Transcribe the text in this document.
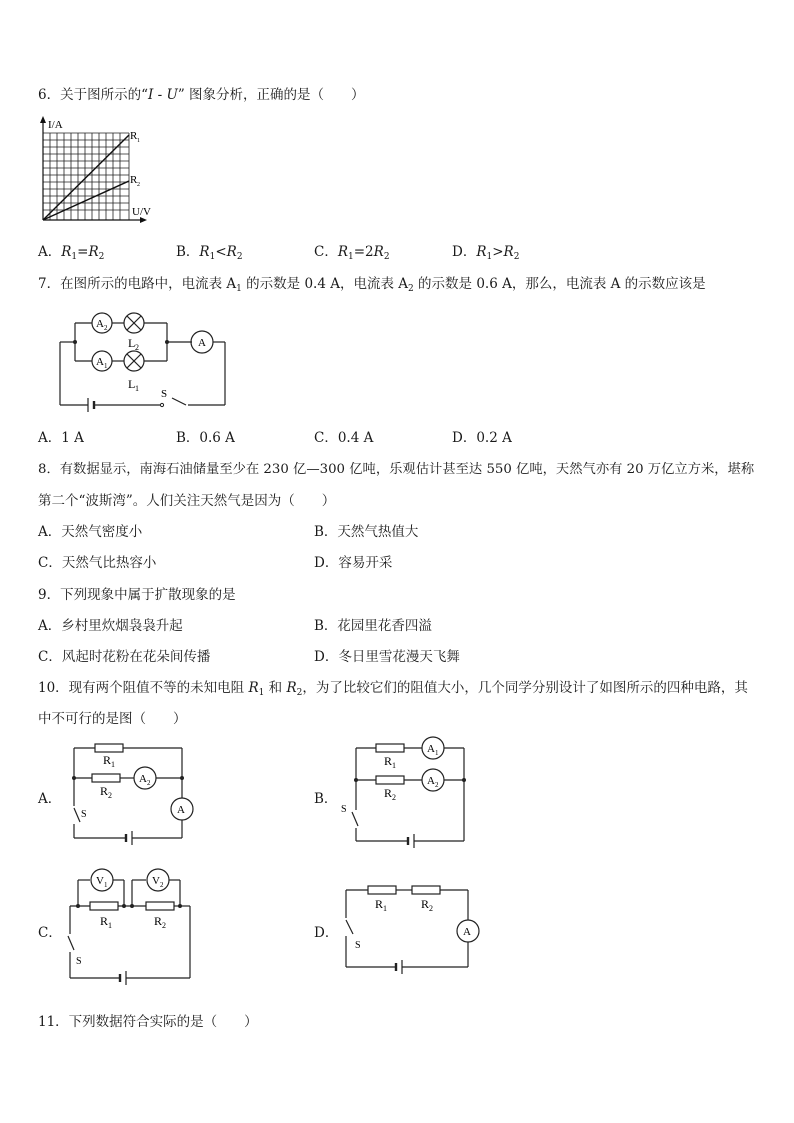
6．关于图所示的“I - U” 图象分析，正确的是（　　）
I/A
U/V
R 1
R 2
A．$R_1=R_2$	B．$R_1<R_2$	C．$R_1=2R_2$	D．$R_1>R_2$
7．在图所示的电路中，电流表 $A_1$ 的示数是 0.4 A，电流表 $A_2$ 的示数是 0.6 A，那么，电流表 A 的示数应该是
A 2
A 1
L 2
L 1
A
S
A．1 A	B．0.6 A	C．0.4 A	D．0.2 A
8．有数据显示，南海石油储量至少在 230 亿—300 亿吨，乐观估计甚至达 550 亿吨，天然气亦有 20 万亿立方米，堪称
第二个“波斯湾”。人们关注天然气是因为（　　）
A．天然气密度小	B．天然气热值大
C．天然气比热容小	D．容易开采
9．下列现象中属于扩散现象的是
A．乡村里炊烟袅袅升起	B．花园里花香四溢
C．风起时花粉在花朵间传播	D．冬日里雪花漫天飞舞
10．现有两个阻值不等的未知电阻 $R_1$ 和 $R_2$，为了比较它们的阻值大小，几个同学分别设计了如图所示的四种电路，其
中不可行的是图（　　）
A．
R 1
R 2
A 2
A
S
B．
R 1
R 2
A 1
A 2
S
C．
V 1	V 2
R 1	R 2
S
D．
R 1	R 2
A
S
11．下列数据符合实际的是（　　）
